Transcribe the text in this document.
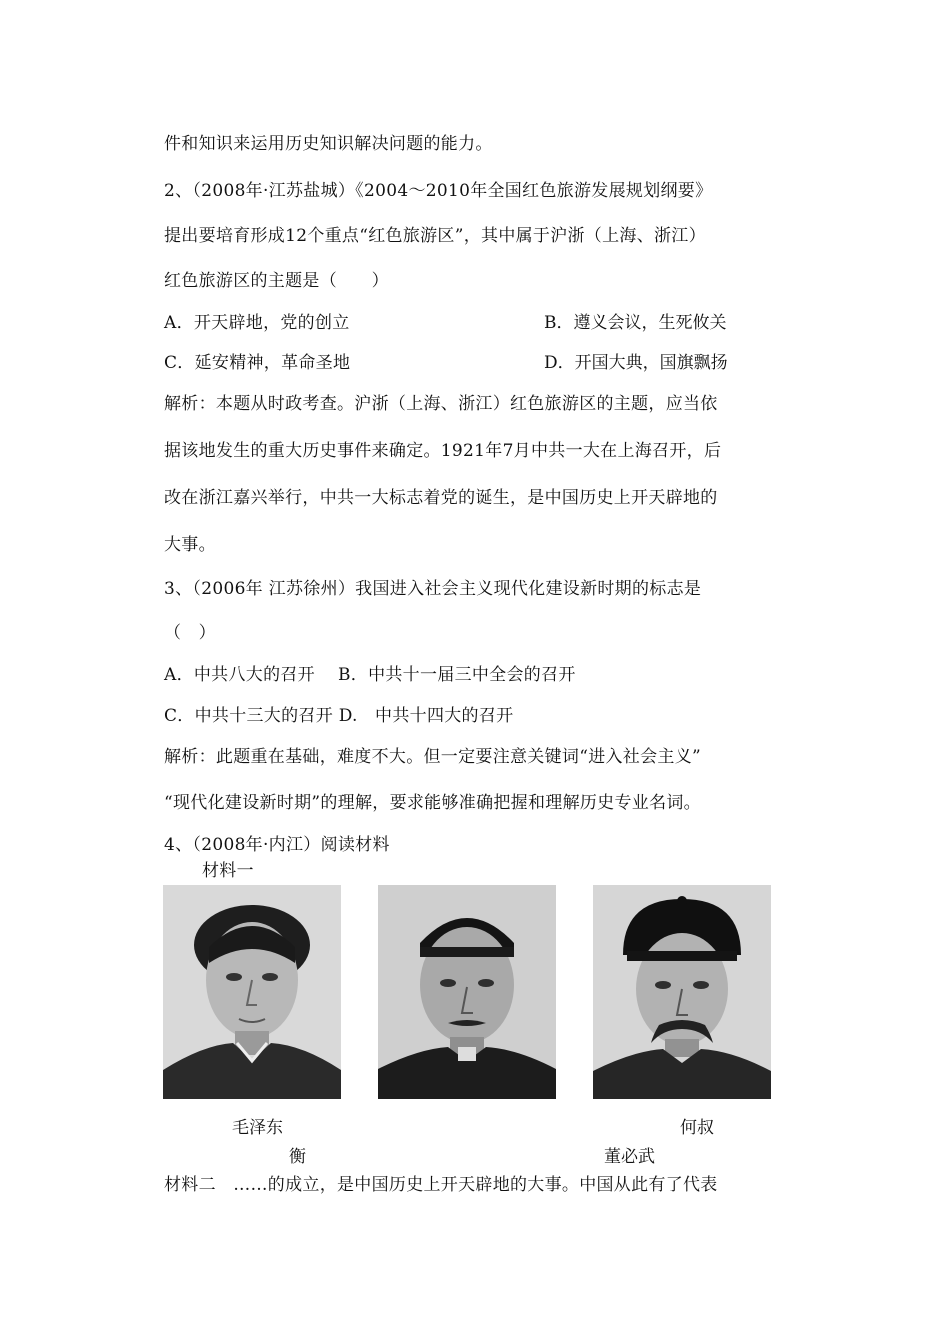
件和知识来运用历史知识解决问题的能力。
2、（2008年·江苏盐城）《2004～2010年全国红色旅游发展规划纲要》
提出要培育形成12个重点“红色旅游区”，其中属于沪浙（上海、浙江）
红色旅游区的主题是（　　）
A．开天辟地，党的创立	B．遵义会议，生死攸关
C．延安精神，革命圣地	D．开国大典，国旗飘扬
解析：本题从时政考查。沪浙（上海、浙江）红色旅游区的主题，应当依
据该地发生的重大历史事件来确定。1921年7月中共一大在上海召开，后
改在浙江嘉兴举行，中共一大标志着党的诞生，是中国历史上开天辟地的
大事。
3、（2006年 江苏徐州）我国进入社会主义现代化建设新时期的标志是
（　）
A．中共八大的召开　 B．中共十一届三中全会的召开
C．中共十三大的召开 D.　中共十四大的召开
解析：此题重在基础，难度不大。但一定要注意关键词“进入社会主义”
“现代化建设新时期”的理解，要求能够准确把握和理解历史专业名词。
4、（2008年·内江）阅读材料
材料一
毛泽东	何叔
衡	董必武
材料二　……的成立，是中国历史上开天辟地的大事。中国从此有了代表
